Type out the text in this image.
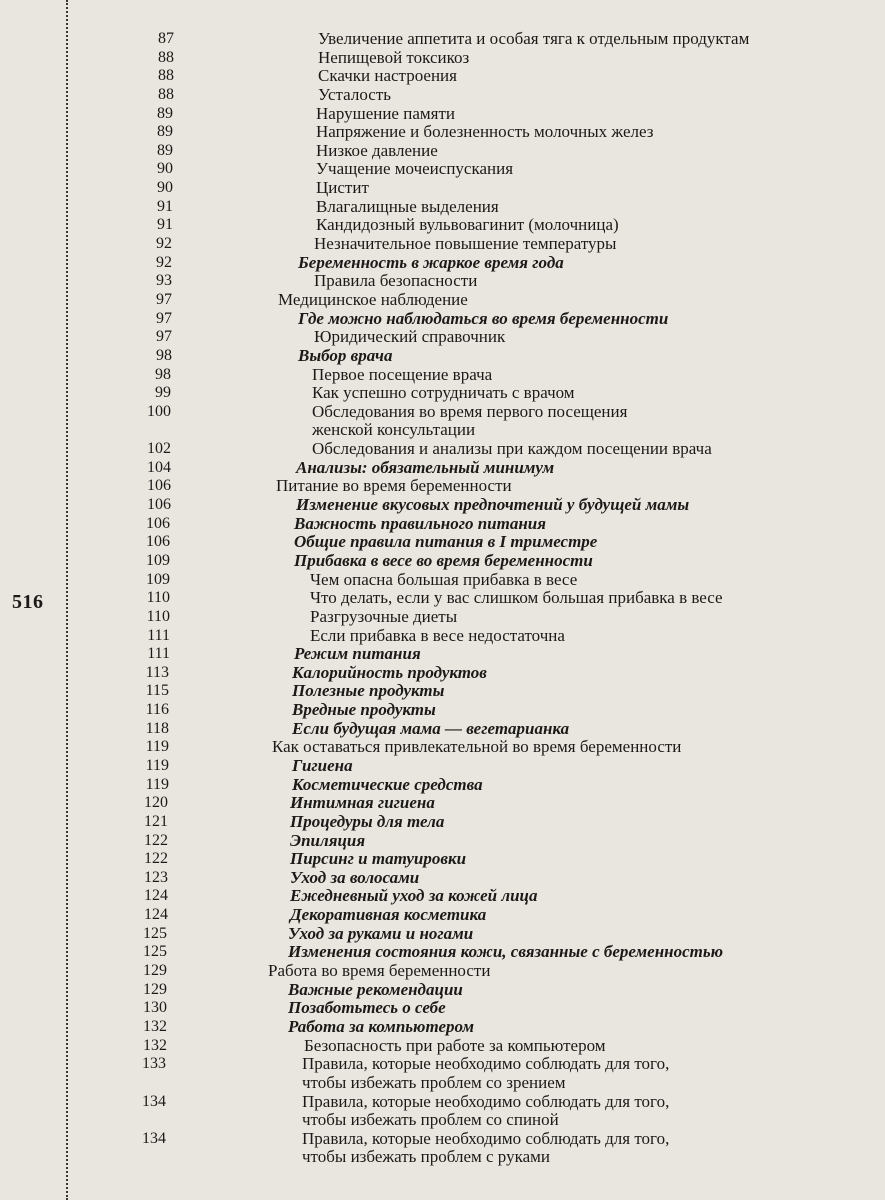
516
87	Увеличение аппетита и особая тяга к отдельным продуктам
88	Непищевой токсикоз
88	Скачки настроения
88	Усталость
89	Нарушение памяти
89	Напряжение и болезненность молочных желез
89	Низкое давление
90	Учащение мочеиспускания
90	Цистит
91	Влагалищные выделения
91	Кандидозный вульвовагинит (молочница)
92	Незначительное повышение температуры
92	Беременность в жаркое время года
93	Правила безопасности
97	Медицинское наблюдение
97	Где можно наблюдаться во время беременности
97	Юридический справочник
98	Выбор врача
98	Первое посещение врача
99	Как успешно сотрудничать с врачом
100	Обследования во время первого посещения
женской консультации
102	Обследования и анализы при каждом посещении врача
104	Анализы: обязательный минимум
106	Питание во время беременности
106	Изменение вкусовых предпочтений у будущей мамы
106	Важность правильного питания
106	Общие правила питания в I триместре
109	Прибавка в весе во время беременности
109	Чем опасна большая прибавка в весе
110	Что делать, если у вас слишком большая прибавка в весе
110	Разгрузочные диеты
111	Если прибавка в весе недостаточна
111	Режим питания
113	Калорийность продуктов
115	Полезные продукты
116	Вредные продукты
118	Если будущая мама — вегетарианка
119	Как оставаться привлекательной во время беременности
119	Гигиена
119	Косметические средства
120	Интимная гигиена
121	Процедуры для тела
122	Эпиляция
122	Пирсинг и татуировки
123	Уход за волосами
124	Ежедневный уход за кожей лица
124	Декоративная косметика
125	Уход за руками и ногами
125	Изменения состояния кожи, связанные с беременностью
129	Работа во время беременности
129	Важные рекомендации
130	Позаботьтесь о себе
132	Работа за компьютером
132	Безопасность при работе за компьютером
133	Правила, которые необходимо соблюдать для того,
чтобы избежать проблем со зрением
134	Правила, которые необходимо соблюдать для того,
чтобы избежать проблем со спиной
134	Правила, которые необходимо соблюдать для того,
чтобы избежать проблем с руками
